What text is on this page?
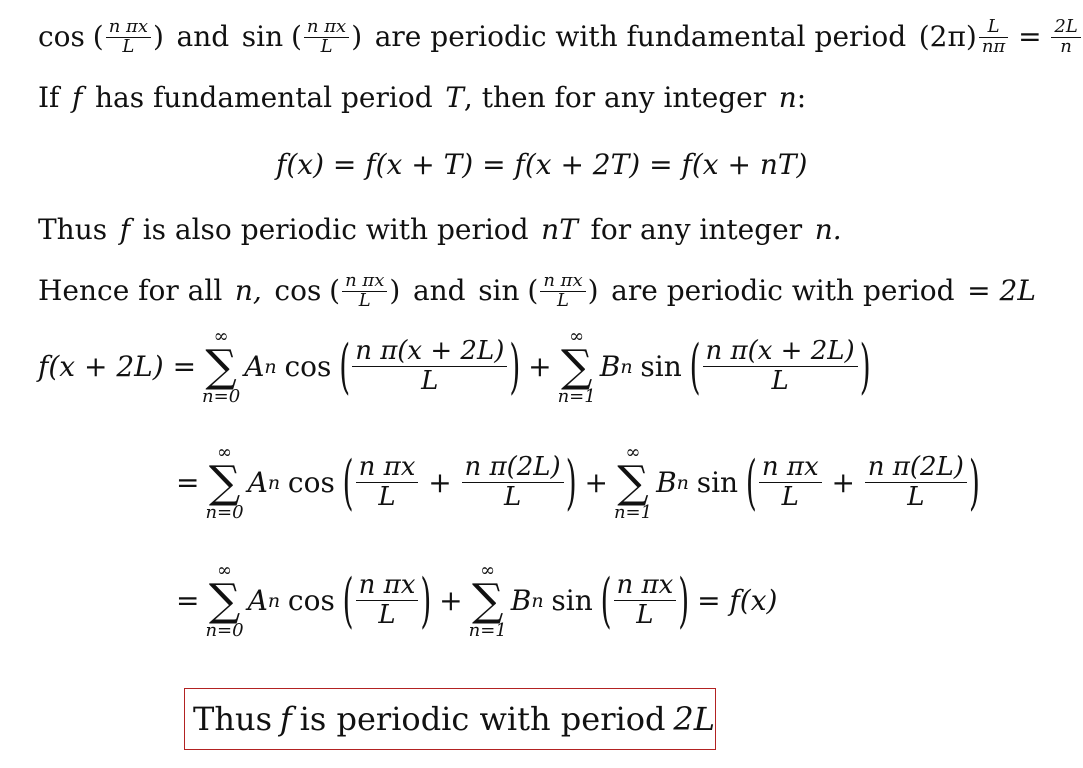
cos ( $\frac{\text{n πx}}{L}$ ) and sin ( $\frac{\text{n πx}}{L}$ ) are periodic with fundamental period $(2\pi) \frac{L}{n\pi} = \frac{2L}{n}$
If f has fundamental period T , then for any integer n :
f(x) = f(x + T) = f(x + 2T) = f(x + nT)
Thus f is also periodic with period nT for any integer n.
Hence for all n, cos ( $\frac{\text{n πx}}{L}$ ) and sin ( $\frac{\text{n πx}}{L}$ ) are periodic with period = 2L
f(x + 2L) =
∞
∑
n=0
A n cos ( $\frac{\text{n π(x + 2L)}}{L}$ ) +
∞
∑
n=1
B n sin ( $\frac{\text{n π(x + 2L)}}{L}$ )
=
∞
∑
n=0
A n cos ( $\frac{\text{n πx}}{L} + \frac{\text{n π(2L)}}{L}$ ) +
∞
∑
n=1
B n sin ( $\frac{\text{n πx}}{L} + \frac{\text{n π(2L)}}{L}$ )
=
∞
∑
n=0
A n cos ( $\frac{\text{n πx}}{L}$ ) +
∞
∑
n=1
B n sin ( $\frac{\text{n πx}}{L}$ ) = f(x)
Thus f is periodic with period 2L
